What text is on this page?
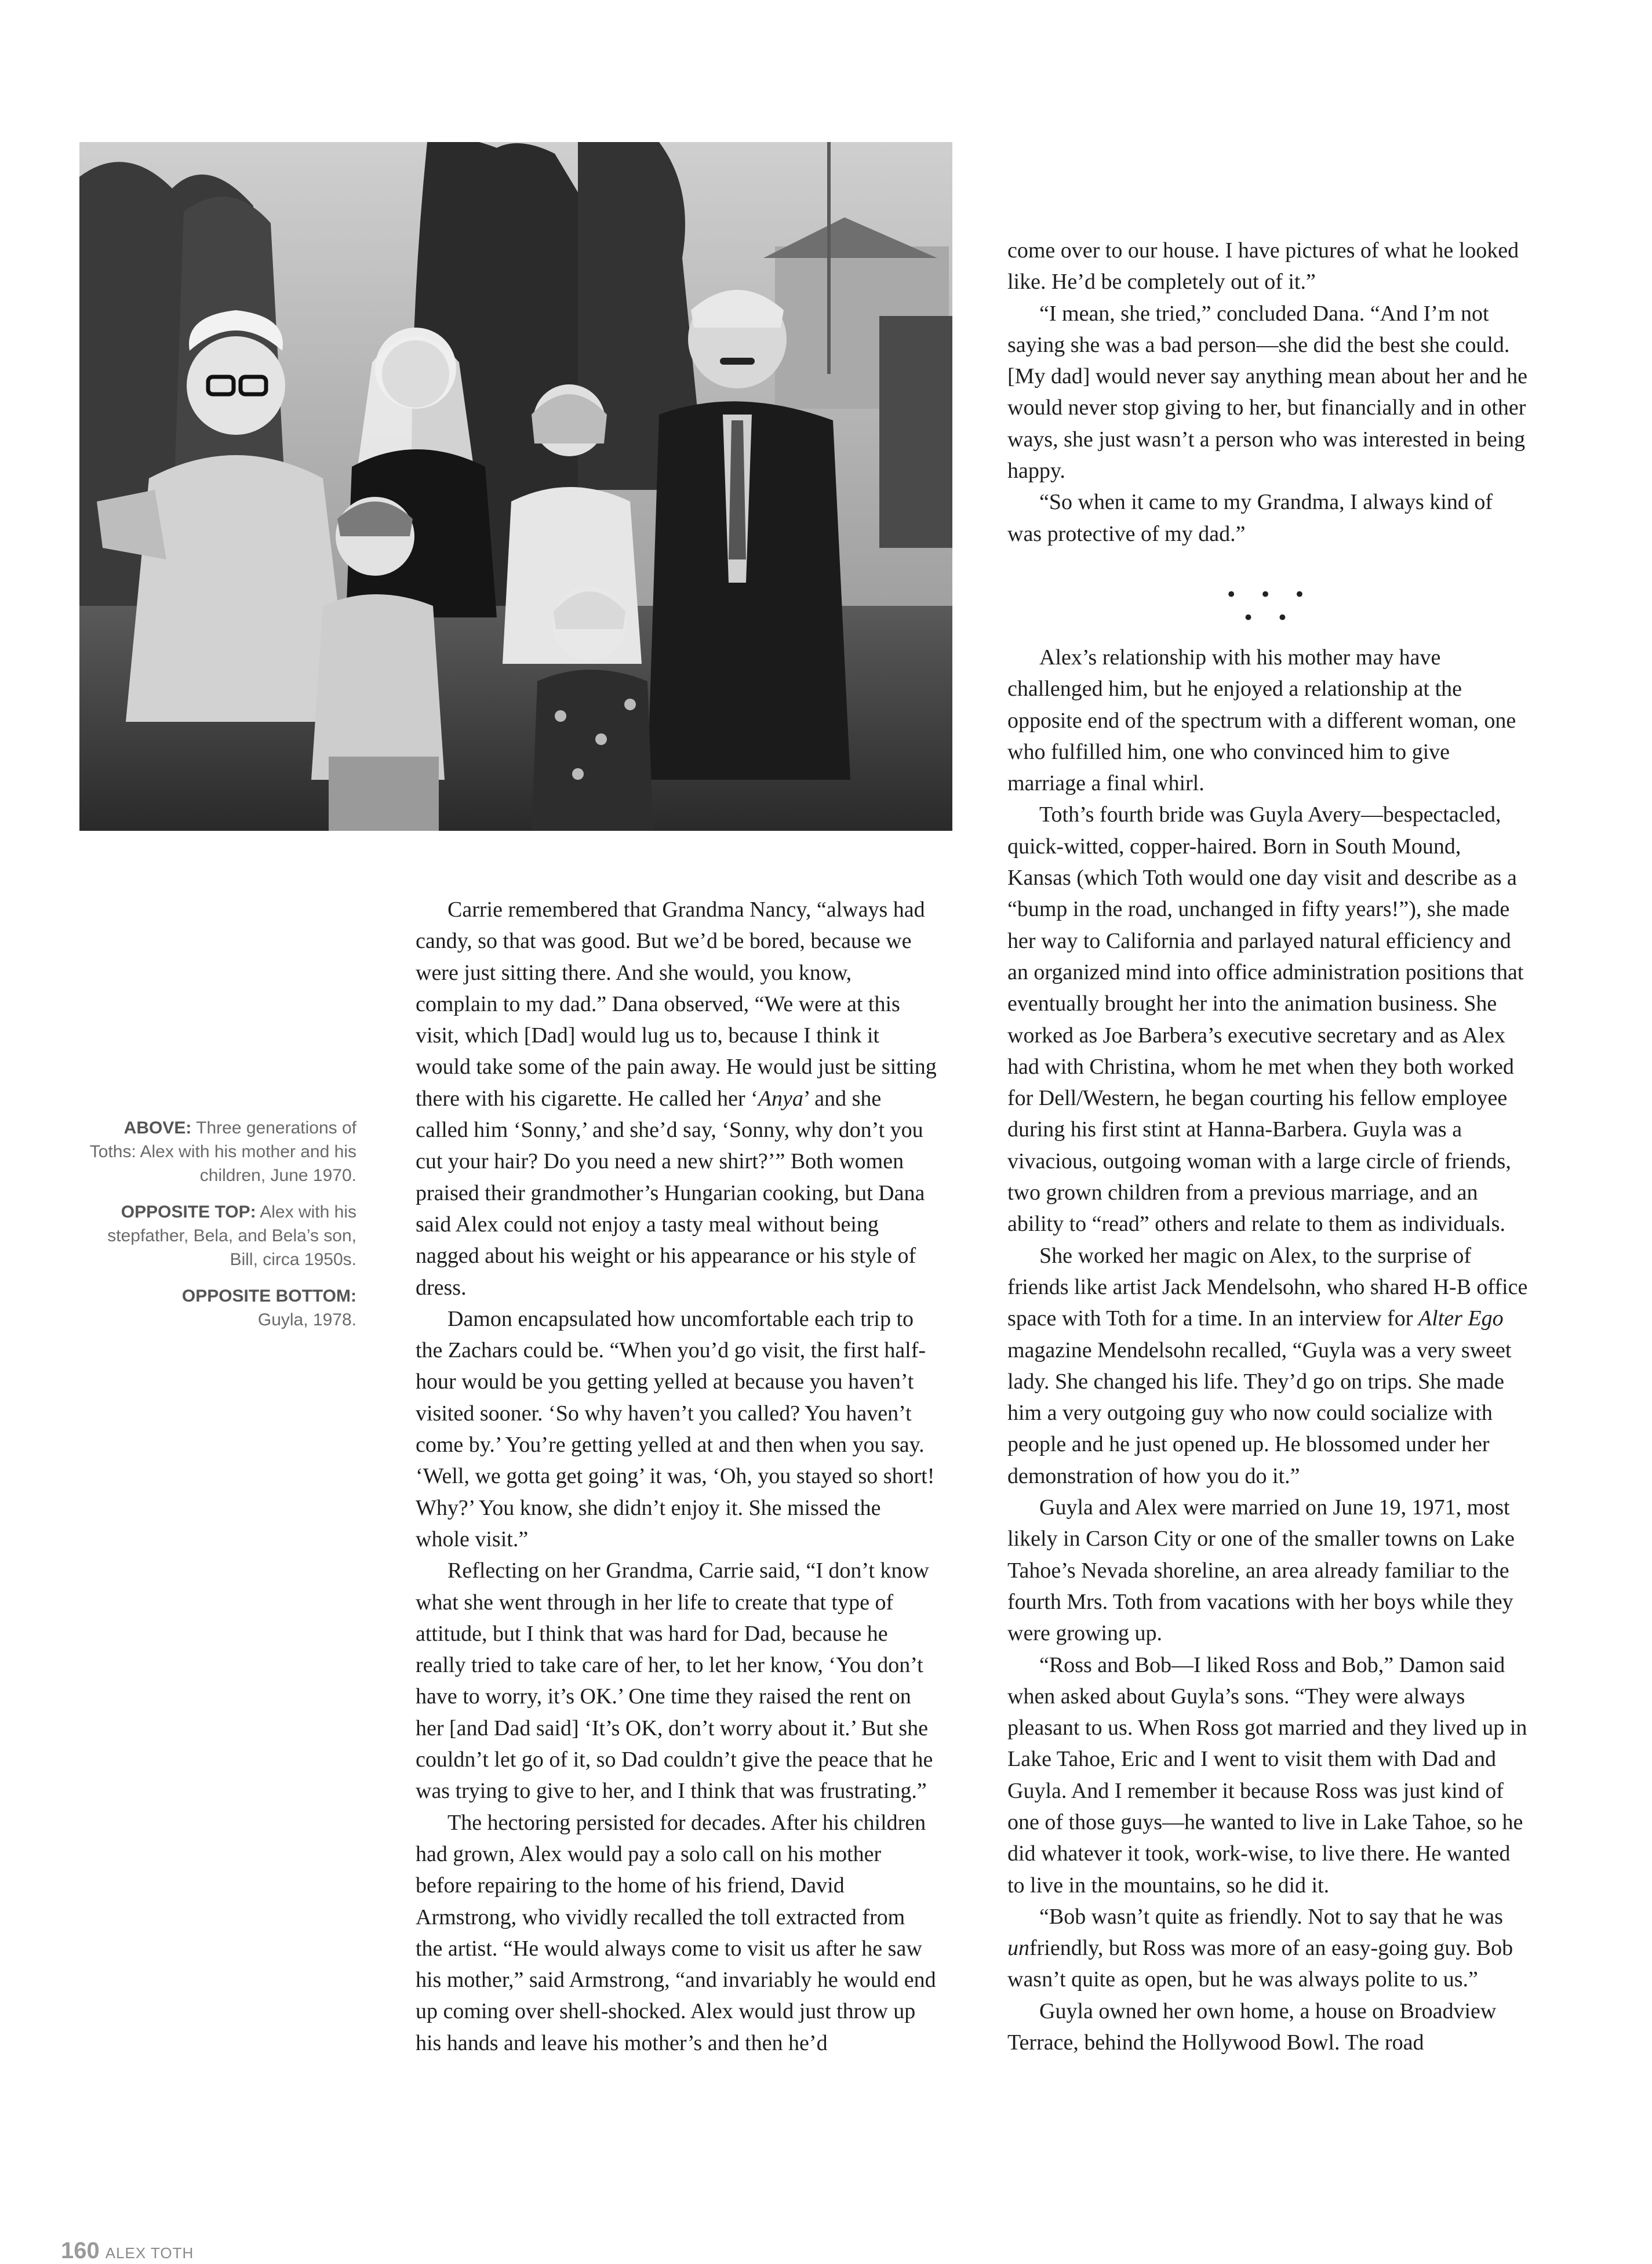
ABOVE: Three generations of Toths: Alex with his mother and his children, June 1970.

OPPOSITE TOP: Alex with his stepfather, Bela, and Bela’s son, Bill, circa 1950s.

OPPOSITE BOTTOM:
Guyla, 1978.

Carrie remembered that Grandma Nancy, “always had candy, so that was good. But we’d be bored, because we were just sitting there. And she would, you know, complain to my dad.” Dana observed, “We were at this visit, which [Dad] would lug us to, because I think it would take some of the pain away. He would just be sitting there with his cigarette. He called her ‘Anya’ and she called him ‘Sonny,’ and she’d say, ‘Sonny, why don’t you cut your hair? Do you need a new shirt?’” Both women praised their grandmother’s Hungarian cooking, but Dana said Alex could not enjoy a tasty meal without being nagged about his weight or his appearance or his style of dress.

Damon encapsulated how uncomfortable each trip to the Zachars could be. “When you’d go visit, the first half-hour would be you getting yelled at because you haven’t visited sooner. ‘So why haven’t you called? You haven’t come by.’ You’re getting yelled at and then when you say. ‘Well, we gotta get going’ it was, ‘Oh, you stayed so short! Why?’ You know, she didn’t enjoy it. She missed the whole visit.”

Reflecting on her Grandma, Carrie said, “I don’t know what she went through in her life to create that type of attitude, but I think that was hard for Dad, because he really tried to take care of her, to let her know, ‘You don’t have to worry, it’s OK.’ One time they raised the rent on her [and Dad said] ‘It’s OK, don’t worry about it.’ But she couldn’t let go of it, so Dad couldn’t give the peace that he was trying to give to her, and I think that was frustrating.”

The hectoring persisted for decades. After his children had grown, Alex would pay a solo call on his mother before repairing to the home of his friend, David Armstrong, who vividly recalled the toll extracted from the artist. “He would always come to visit us after he saw his mother,” said Armstrong, “and invariably he would end up coming over shell-shocked. Alex would just throw up his hands and leave his mother’s and then he’d

come over to our house. I have pictures of what he looked like. He’d be completely out of it.”

“I mean, she tried,” concluded Dana. “And I’m not saying she was a bad person—she did the best she could. [My dad] would never say anything mean about her and he would never stop giving to her, but financially and in other ways, she just wasn’t a person who was interested in being happy.

“So when it came to my Grandma, I always kind of was protective of my dad.”

• • • • •

Alex’s relationship with his mother may have challenged him, but he enjoyed a relationship at the opposite end of the spectrum with a different woman, one who fulfilled him, one who convinced him to give marriage a final whirl.

Toth’s fourth bride was Guyla Avery—bespectacled, quick-witted, copper-haired. Born in South Mound, Kansas (which Toth would one day visit and describe as a “bump in the road, unchanged in fifty years!”), she made her way to California and parlayed natural efficiency and an organized mind into office administration positions that eventually brought her into the animation business. She worked as Joe Barbera’s executive secretary and as Alex had with Christina, whom he met when they both worked for Dell/Western, he began courting his fellow employee during his first stint at Hanna-Barbera. Guyla was a vivacious, outgoing woman with a large circle of friends, two grown children from a previous marriage, and an ability to “read” others and relate to them as individuals.

She worked her magic on Alex, to the surprise of friends like artist Jack Mendelsohn, who shared H-B office space with Toth for a time. In an interview for Alter Ego magazine Mendelsohn recalled, “Guyla was a very sweet lady. She changed his life. They’d go on trips. She made him a very outgoing guy who now could socialize with people and he just opened up. He blossomed under her demonstration of how you do it.”

Guyla and Alex were married on June 19, 1971, most likely in Carson City or one of the smaller towns on Lake Tahoe’s Nevada shoreline, an area already familiar to the fourth Mrs. Toth from vacations with her boys while they were growing up.

“Ross and Bob—I liked Ross and Bob,” Damon said when asked about Guyla’s sons. “They were always pleasant to us. When Ross got married and they lived up in Lake Tahoe, Eric and I went to visit them with Dad and Guyla. And I remember it because Ross was just kind of one of those guys—he wanted to live in Lake Tahoe, so he did whatever it took, work-wise, to live there. He wanted to live in the mountains, so he did it.

“Bob wasn’t quite as friendly. Not to say that he was unfriendly, but Ross was more of an easy-going guy. Bob wasn’t quite as open, but he was always polite to us.”

Guyla owned her own home, a house on Broadview Terrace, behind the Hollywood Bowl. The road

160 ALEX TOTH
